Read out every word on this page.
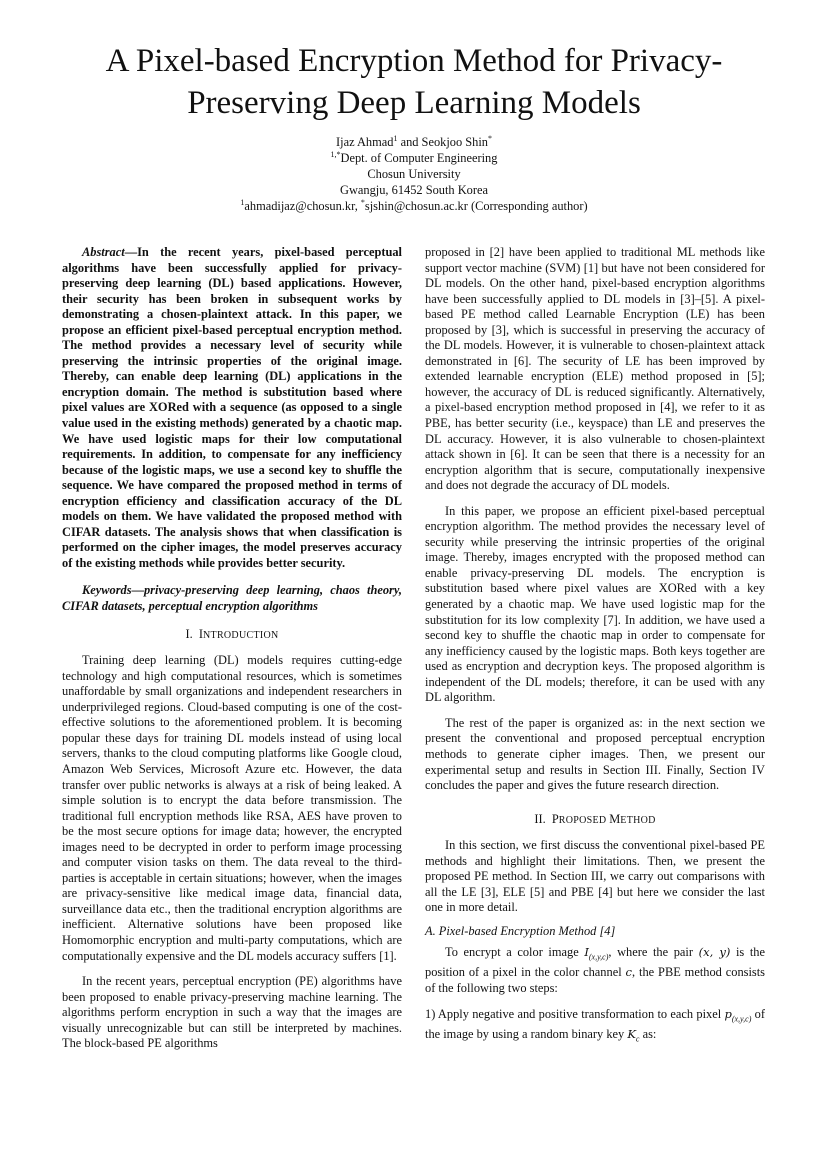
A Pixel-based Encryption Method for Privacy-Preserving Deep Learning Models
Ijaz Ahmad$^1$ and Seokjoo Shin*
$^{1,*}$Dept. of Computer Engineering
Chosun University
Gwangju, 61452 South Korea
$^1$ahmadijaz@chosun.kr, *sjshin@chosun.ac.kr (Corresponding author)

Abstract—In the recent years, pixel-based perceptual algorithms have been successfully applied for privacy-preserving deep learning (DL) based applications. However, their security has been broken in subsequent works by demonstrating a chosen-plaintext attack. In this paper, we propose an efficient pixel-based perceptual encryption method. The method provides a necessary level of security while preserving the intrinsic properties of the original image. Thereby, can enable deep learning (DL) applications in the encryption domain. The method is substitution based where pixel values are XORed with a sequence (as opposed to a single value used in the existing methods) generated by a chaotic map. We have used logistic maps for their low computational requirements. In addition, to compensate for any inefficiency because of the logistic maps, we use a second key to shuffle the sequence. We have compared the proposed method in terms of encryption efficiency and classification accuracy of the DL models on them. We have validated the proposed method with CIFAR datasets. The analysis shows that when classification is performed on the cipher images, the model preserves accuracy of the existing methods while provides better security.

Keywords—privacy-preserving deep learning, chaos theory, CIFAR datasets, perceptual encryption algorithms

I. INTRODUCTION

Training deep learning (DL) models requires cutting-edge technology and high computational resources, which is sometimes unaffordable by small organizations and independent researchers in underprivileged regions. Cloud-based computing is one of the cost-effective solutions to the aforementioned problem. It is becoming popular these days for training DL models instead of using local servers, thanks to the cloud computing platforms like Google cloud, Amazon Web Services, Microsoft Azure etc. However, the data transfer over public networks is always at a risk of being leaked. A simple solution is to encrypt the data before transmission. The traditional full encryption methods like RSA, AES have proven to be the most secure options for image data; however, the encrypted images need to be decrypted in order to perform image processing and computer vision tasks on them. The data reveal to the third-parties is acceptable in certain situations; however, when the images are privacy-sensitive like medical image data, financial data, surveillance data etc., then the traditional encryption algorithms are inefficient. Alternative solutions have been proposed like Homomorphic encryption and multi-party computations, which are computationally expensive and the DL models accuracy suffers [1].

In the recent years, perceptual encryption (PE) algorithms have been proposed to enable privacy-preserving machine learning. The algorithms perform encryption in such a way that the images are visually unrecognizable but can still be interpreted by machines. The block-based PE algorithms

proposed in [2] have been applied to traditional ML methods like support vector machine (SVM) [1] but have not been considered for DL models. On the other hand, pixel-based encryption algorithms have been successfully applied to DL models in [3]–[5]. A pixel-based PE method called Learnable Encryption (LE) has been proposed by [3], which is successful in preserving the accuracy of the DL models. However, it is vulnerable to chosen-plaintext attack demonstrated in [6]. The security of LE has been improved by extended learnable encryption (ELE) method proposed in [5]; however, the accuracy of DL is reduced significantly. Alternatively, a pixel-based encryption method proposed in [4], we refer to it as PBE, has better security (i.e., keyspace) than LE and preserves the DL accuracy. However, it is also vulnerable to chosen-plaintext attack shown in [6]. It can be seen that there is a necessity for an encryption algorithm that is secure, computationally inexpensive and does not degrade the accuracy of DL models.

In this paper, we propose an efficient pixel-based perceptual encryption algorithm. The method provides the necessary level of security while preserving the intrinsic properties of the original image. Thereby, images encrypted with the proposed method can enable privacy-preserving DL models. The encryption is substitution based where pixel values are XORed with a key generated by a chaotic map. We have used logistic map for the substitution for its low complexity [7]. In addition, we have used a second key to shuffle the chaotic map in order to compensate for any inefficiency caused by the logistic maps. Both keys together are used as encryption and decryption keys. The proposed algorithm is independent of the DL models; therefore, it can be used with any DL algorithm.

The rest of the paper is organized as: in the next section we present the conventional and proposed perceptual encryption methods to generate cipher images. Then, we present our experimental setup and results in Section III. Finally, Section IV concludes the paper and gives the future research direction.

II. PROPOSED METHOD

In this section, we first discuss the conventional pixel-based PE methods and highlight their limitations. Then, we present the proposed PE method. In Section III, we carry out comparisons with all the LE [3], ELE [5] and PBE [4] but here we consider the last one in more detail.

A. Pixel-based Encryption Method [4]

To encrypt a color image $I_{(x,y,c)}$, where the pair (x, y) is the position of a pixel in the color channel c, the PBE method consists of the following two steps:

1) Apply negative and positive transformation to each pixel $p_{(x,y,c)}$ of the image by using a random binary key $K_c$ as:
